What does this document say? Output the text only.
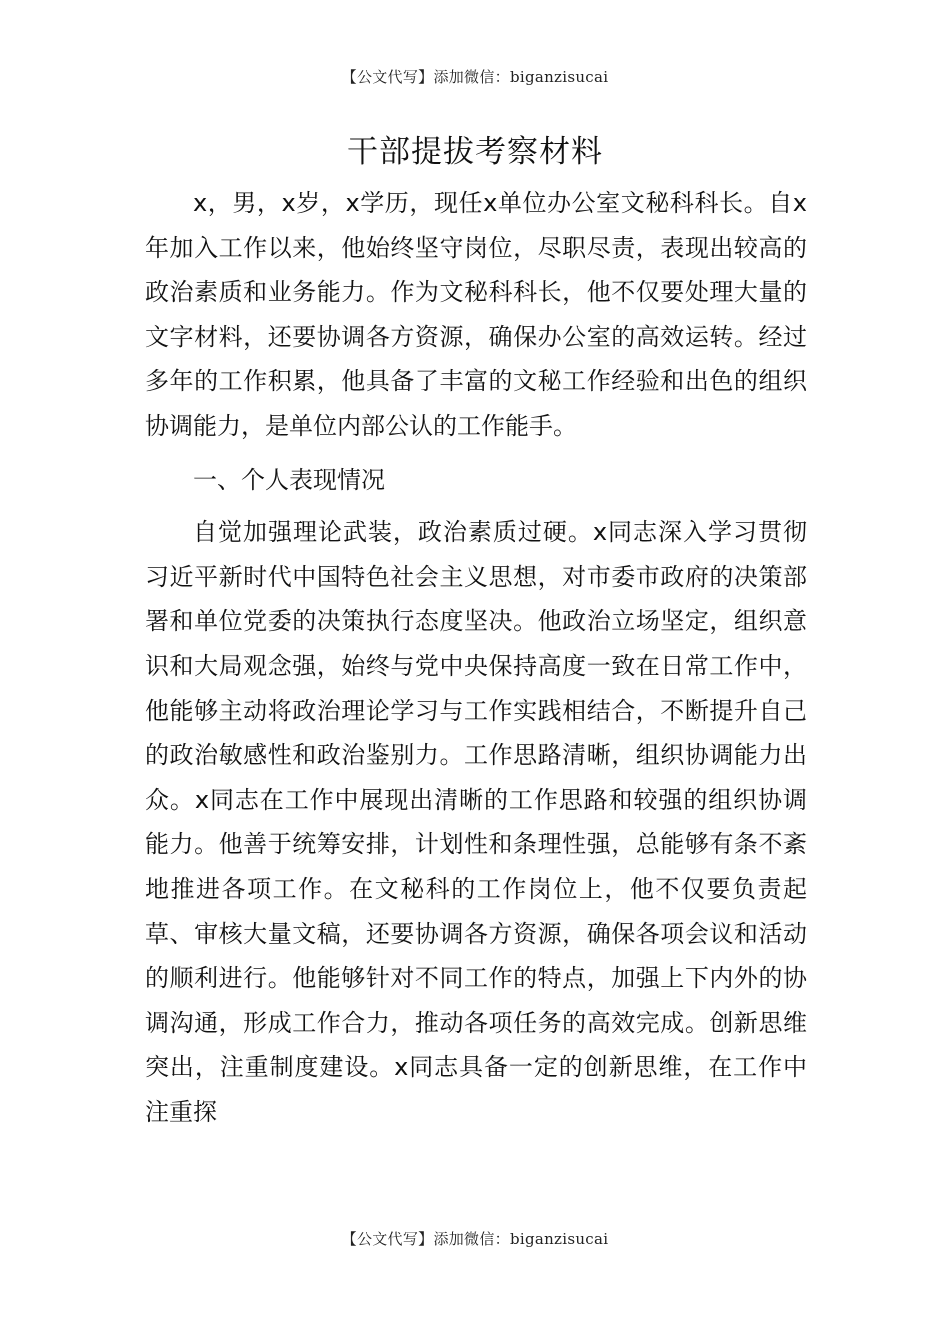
【公文代写】添加微信：biganzisucai
干部提拔考察材料

x，男，x岁，x学历，现任x单位办公室文秘科科长。自x年加入工作以来，他始终坚守岗位，尽职尽责，表现出较高的政治素质和业务能力。作为文秘科科长，他不仅要处理大量的文字材料，还要协调各方资源，确保办公室的高效运转。经过多年的工作积累，他具备了丰富的文秘工作经验和出色的组织协调能力，是单位内部公认的工作能手。

一、个人表现情况

自觉加强理论武装，政治素质过硬。x同志深入学习贯彻习近平新时代中国特色社会主义思想，对市委市政府的决策部署和单位党委的决策执行态度坚决。他政治立场坚定，组织意识和大局观念强，始终与党中央保持高度一致在日常工作中，他能够主动将政治理论学习与工作实践相结合，不断提升自己的政治敏感性和政治鉴别力。工作思路清晰，组织协调能力出众。x同志在工作中展现出清晰的工作思路和较强的组织协调能力。他善于统筹安排，计划性和条理性强，总能够有条不紊地推进各项工作。在文秘科的工作岗位上，他不仅要负责起草、审核大量文稿，还要协调各方资源，确保各项会议和活动的顺利进行。他能够针对不同工作的特点，加强上下内外的协调沟通，形成工作合力，推动各项任务的高效完成。创新思维突出，注重制度建设。x同志具备一定的创新思维，在工作中注重探

【公文代写】添加微信：biganzisucai
